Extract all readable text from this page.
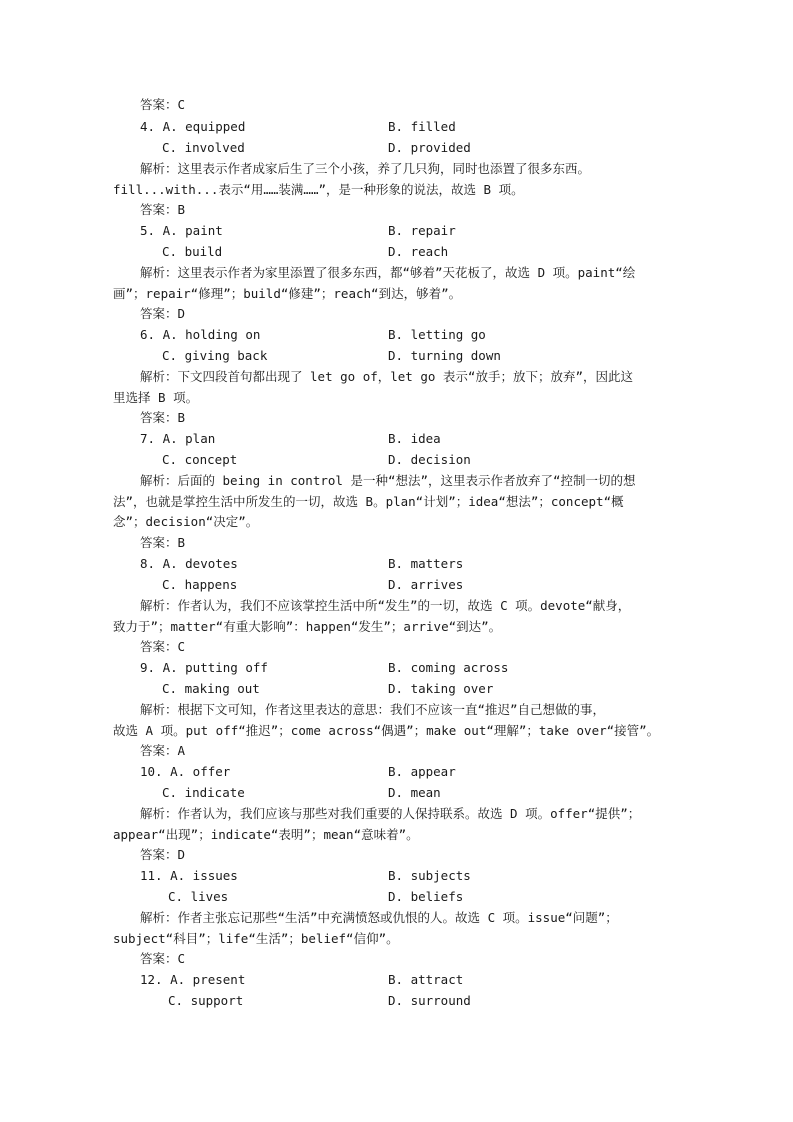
答案：C
4. A. equipped	B. filled
C. involved	D. provided
解析：这里表示作者成家后生了三个小孩，养了几只狗，同时也添置了很多东西。
fill...with...表示“用……装满……”，是一种形象的说法，故选 B 项。
答案：B
5. A. paint	B. repair
C. build	D. reach
解析：这里表示作者为家里添置了很多东西，都“够着”天花板了，故选 D 项。paint“绘
画”；repair“修理”；build“修建”；reach“到达，够着”。
答案：D
6. A. holding on	B. letting go
C. giving back	D. turning down
解析：下文四段首句都出现了 let go of，let go 表示“放手；放下；放弃”，因此这
里选择 B 项。
答案：B
7. A. plan	B. idea
C. concept	D. decision
解析：后面的 being in control 是一种“想法”，这里表示作者放弃了“控制一切的想
法”，也就是掌控生活中所发生的一切，故选 B。plan“计划”；idea“想法”；concept“概
念”；decision“决定”。
答案：B
8. A. devotes	B. matters
C. happens	D. arrives
解析：作者认为，我们不应该掌控生活中所“发生”的一切，故选 C 项。devote“献身，
致力于”；matter“有重大影响”：happen“发生”；arrive“到达”。
答案：C
9. A. putting off	B. coming across
C. making out	D. taking over
解析：根据下文可知，作者这里表达的意思：我们不应该一直“推迟”自己想做的事，
故选 A 项。put off“推迟”；come across“偶遇”；make out“理解”；take over“接管”。
答案：A
10. A. offer	B. appear
C. indicate	D. mean
解析：作者认为，我们应该与那些对我们重要的人保持联系。故选 D 项。offer“提供”；
appear“出现”；indicate“表明”；mean“意味着”。
答案：D
11. A. issues	B. subjects
C. lives	D. beliefs
解析：作者主张忘记那些“生活”中充满愤怒或仇恨的人。故选 C 项。issue“问题”；
subject“科目”；life“生活”；belief“信仰”。
答案：C
12. A. present	B. attract
C. support	D. surround
